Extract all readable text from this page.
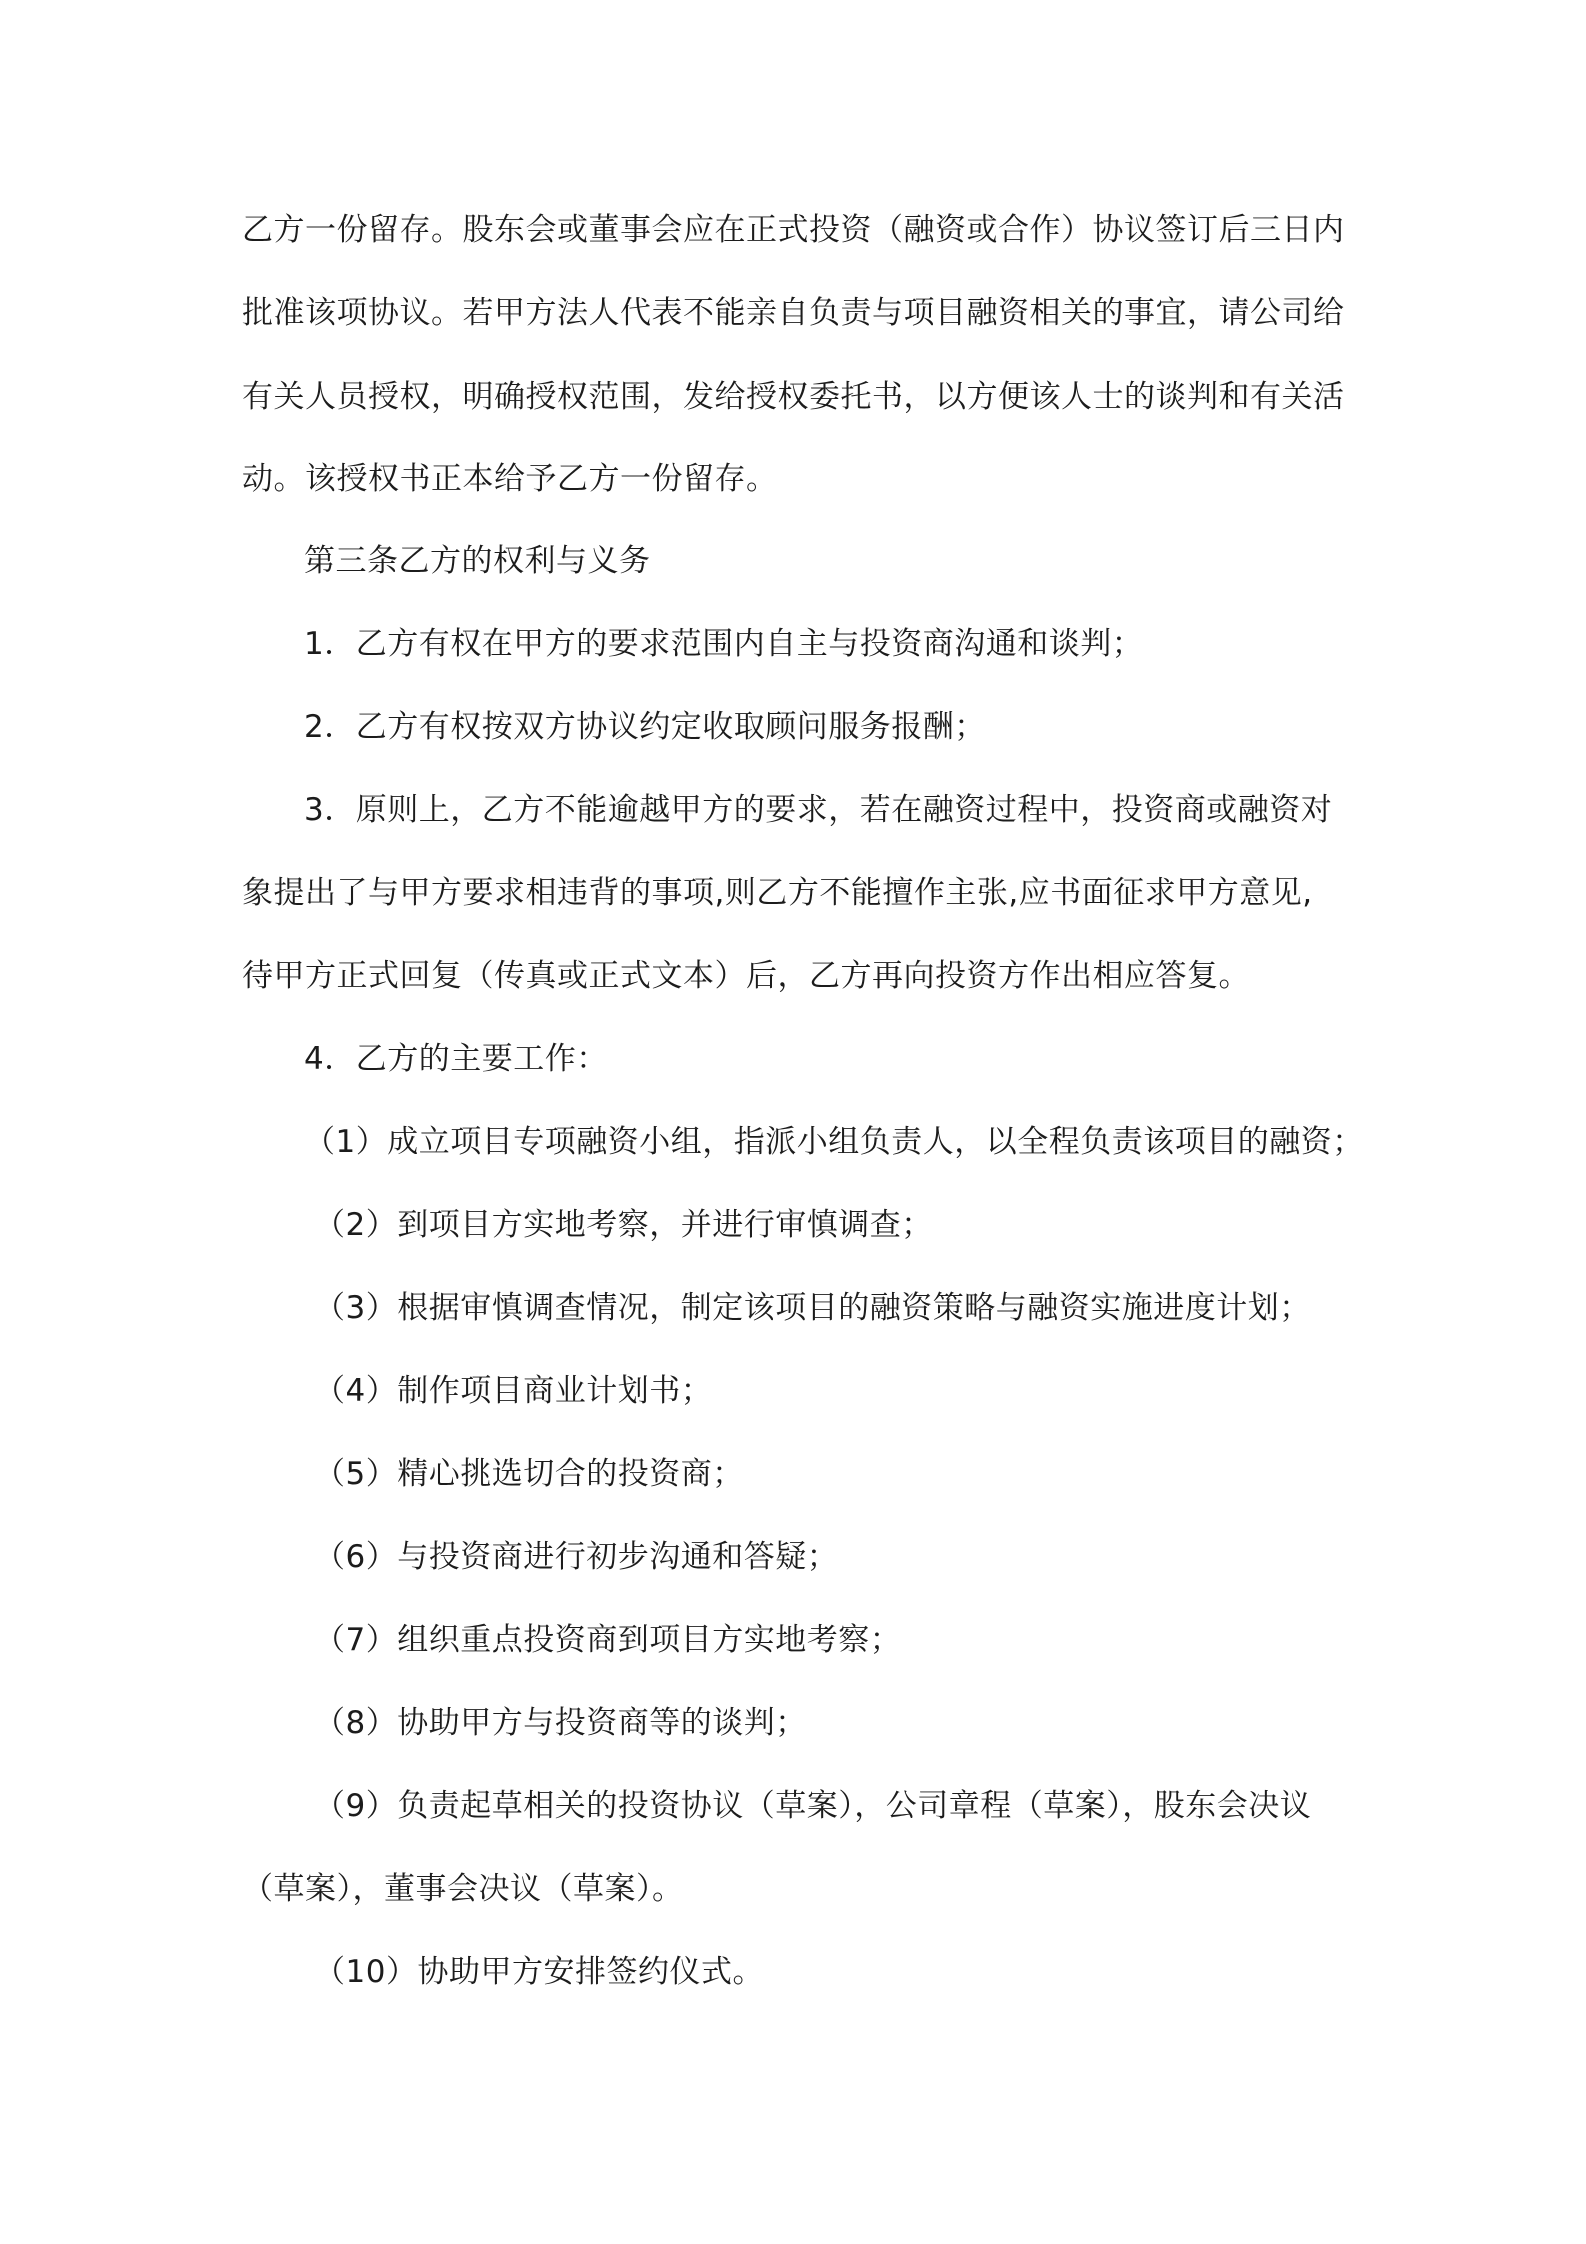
乙方一份留存。股东会或董事会应在正式投资（融资或合作）协议签订后三日内
批准该项协议。若甲方法人代表不能亲自负责与项目融资相关的事宜，请公司给
有关人员授权，明确授权范围，发给授权委托书，以方便该人士的谈判和有关活
动。该授权书正本给予乙方一份留存。
第三条乙方的权利与义务
1．乙方有权在甲方的要求范围内自主与投资商沟通和谈判；
2．乙方有权按双方协议约定收取顾问服务报酬；
3．原则上，乙方不能逾越甲方的要求，若在融资过程中，投资商或融资对
象提出了与甲方要求相违背的事项,则乙方不能擅作主张,应书面征求甲方意见,
待甲方正式回复（传真或正式文本）后，乙方再向投资方作出相应答复。
4．乙方的主要工作：
（1）成立项目专项融资小组，指派小组负责人，以全程负责该项目的融资；
（2）到项目方实地考察，并进行审慎调查；
（3）根据审慎调查情况，制定该项目的融资策略与融资实施进度计划；
（4）制作项目商业计划书；
（5）精心挑选切合的投资商；
（6）与投资商进行初步沟通和答疑；
（7）组织重点投资商到项目方实地考察；
（8）协助甲方与投资商等的谈判；
（9）负责起草相关的投资协议（草案），公司章程（草案），股东会决议
（草案），董事会决议（草案）。
（10）协助甲方安排签约仪式。
